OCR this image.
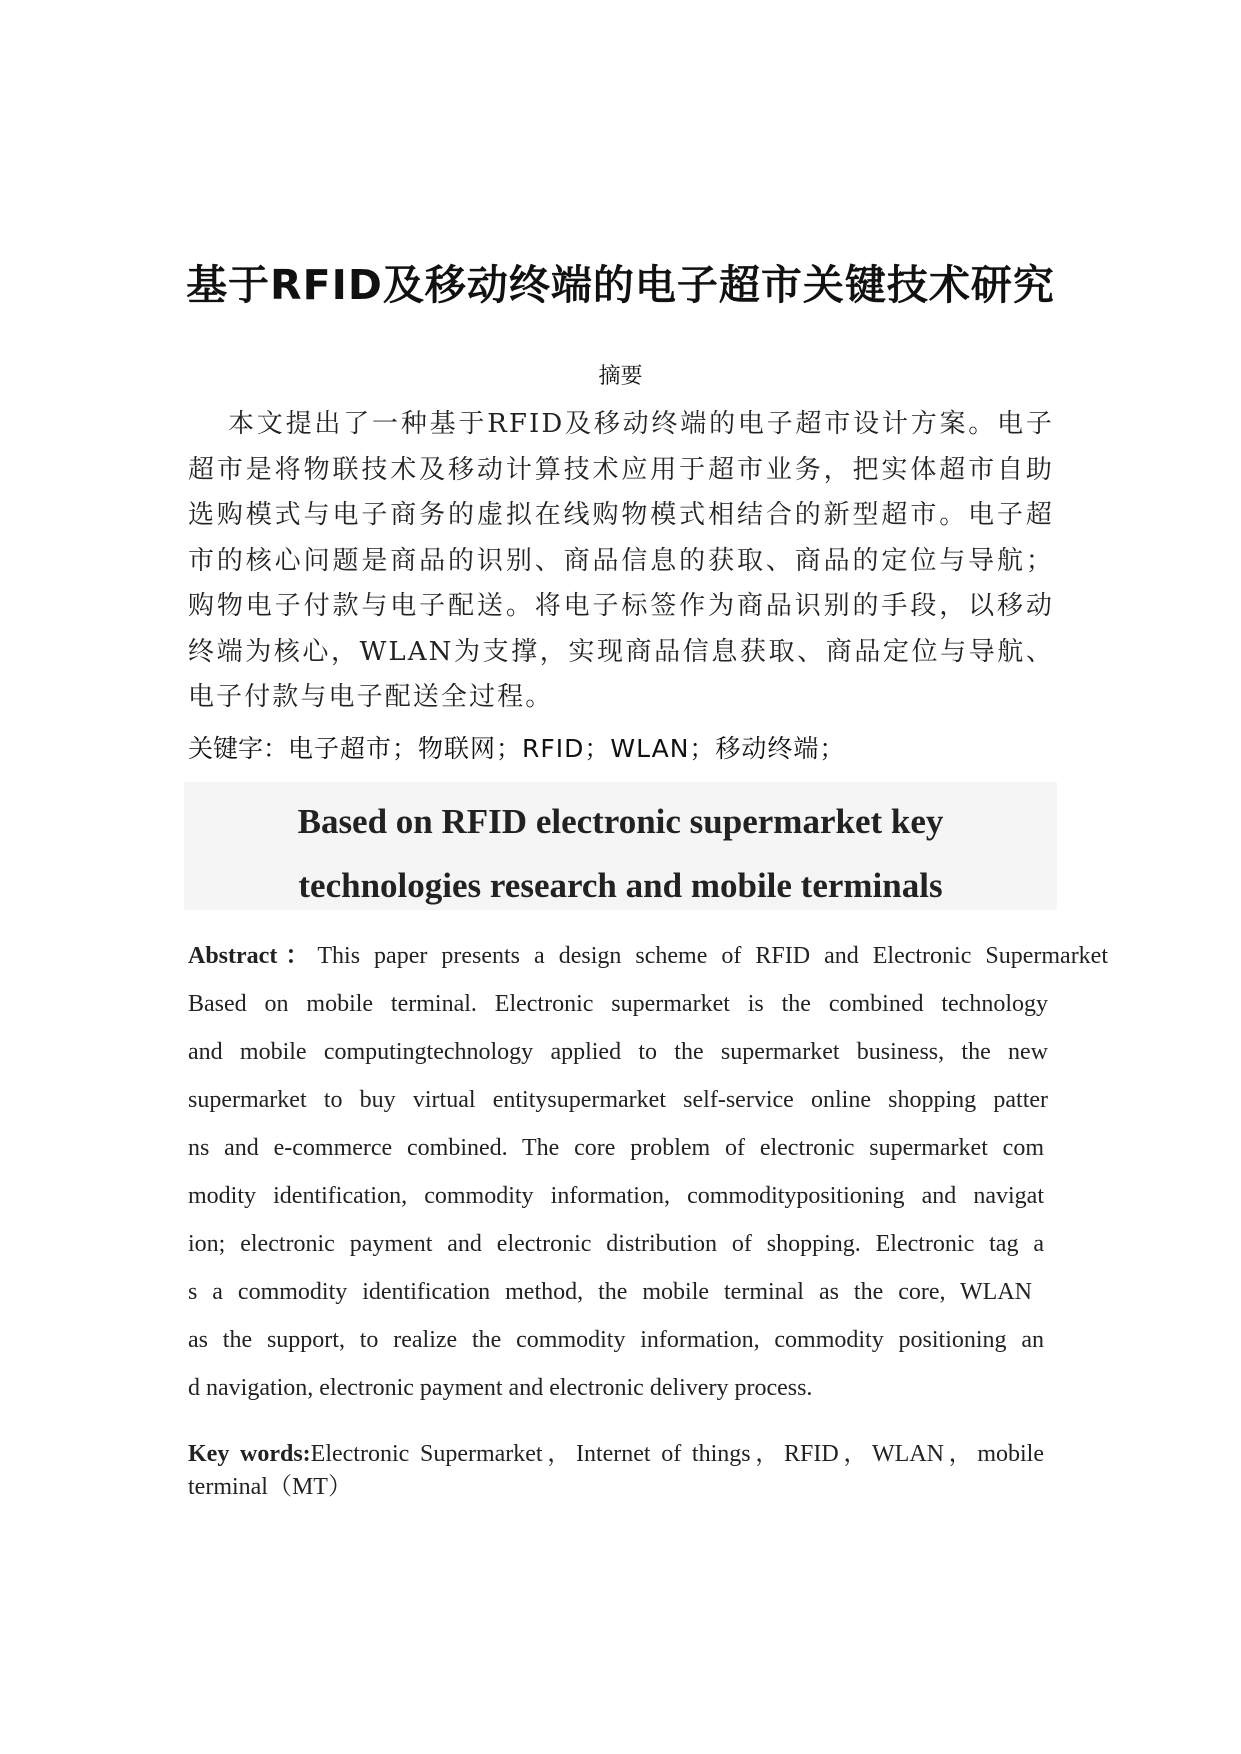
基于RFID及移动终端的电子超市关键技术研究
摘要
本文提出了一种基于RFID及移动终端的电子超市设计方案。电子超市是将物联技术及移动计算技术应用于超市业务，把实体超市自助选购模式与电子商务的虚拟在线购物模式相结合的新型超市。电子超市的核心问题是商品的识别、商品信息的获取、商品的定位与导航；购物电子付款与电子配送。将电子标签作为商品识别的手段，以移动终端为核心，WLAN为支撑，实现商品信息获取、商品定位与导航、电子付款与电子配送全过程。
关键字：电子超市；物联网；RFID；WLAN；移动终端；
Based on RFID electronic supermarket key
technologies research and mobile terminals
Abstract：This paper presents a design scheme of RFID and Electronic Supermarket
Based on mobile terminal. Electronic supermarket is the combined technology
and mobile computingtechnology applied to the supermarket business, the new
supermarket to buy virtual entitysupermarket self-service online shopping patter
ns and e-commerce combined. The core problem of electronic supermarket com
modity identification, commodity information, commoditypositioning and navigat
ion; electronic payment and electronic distribution of shopping. Electronic tag a
s a commodity identification method, the mobile terminal as the core, WLAN
as the support, to realize the commodity information, commodity positioning an
d navigation, electronic payment and electronic delivery process.
Key words:Electronic Supermarket，Internet of things，RFID，WLAN，mobile
terminal（MT）
